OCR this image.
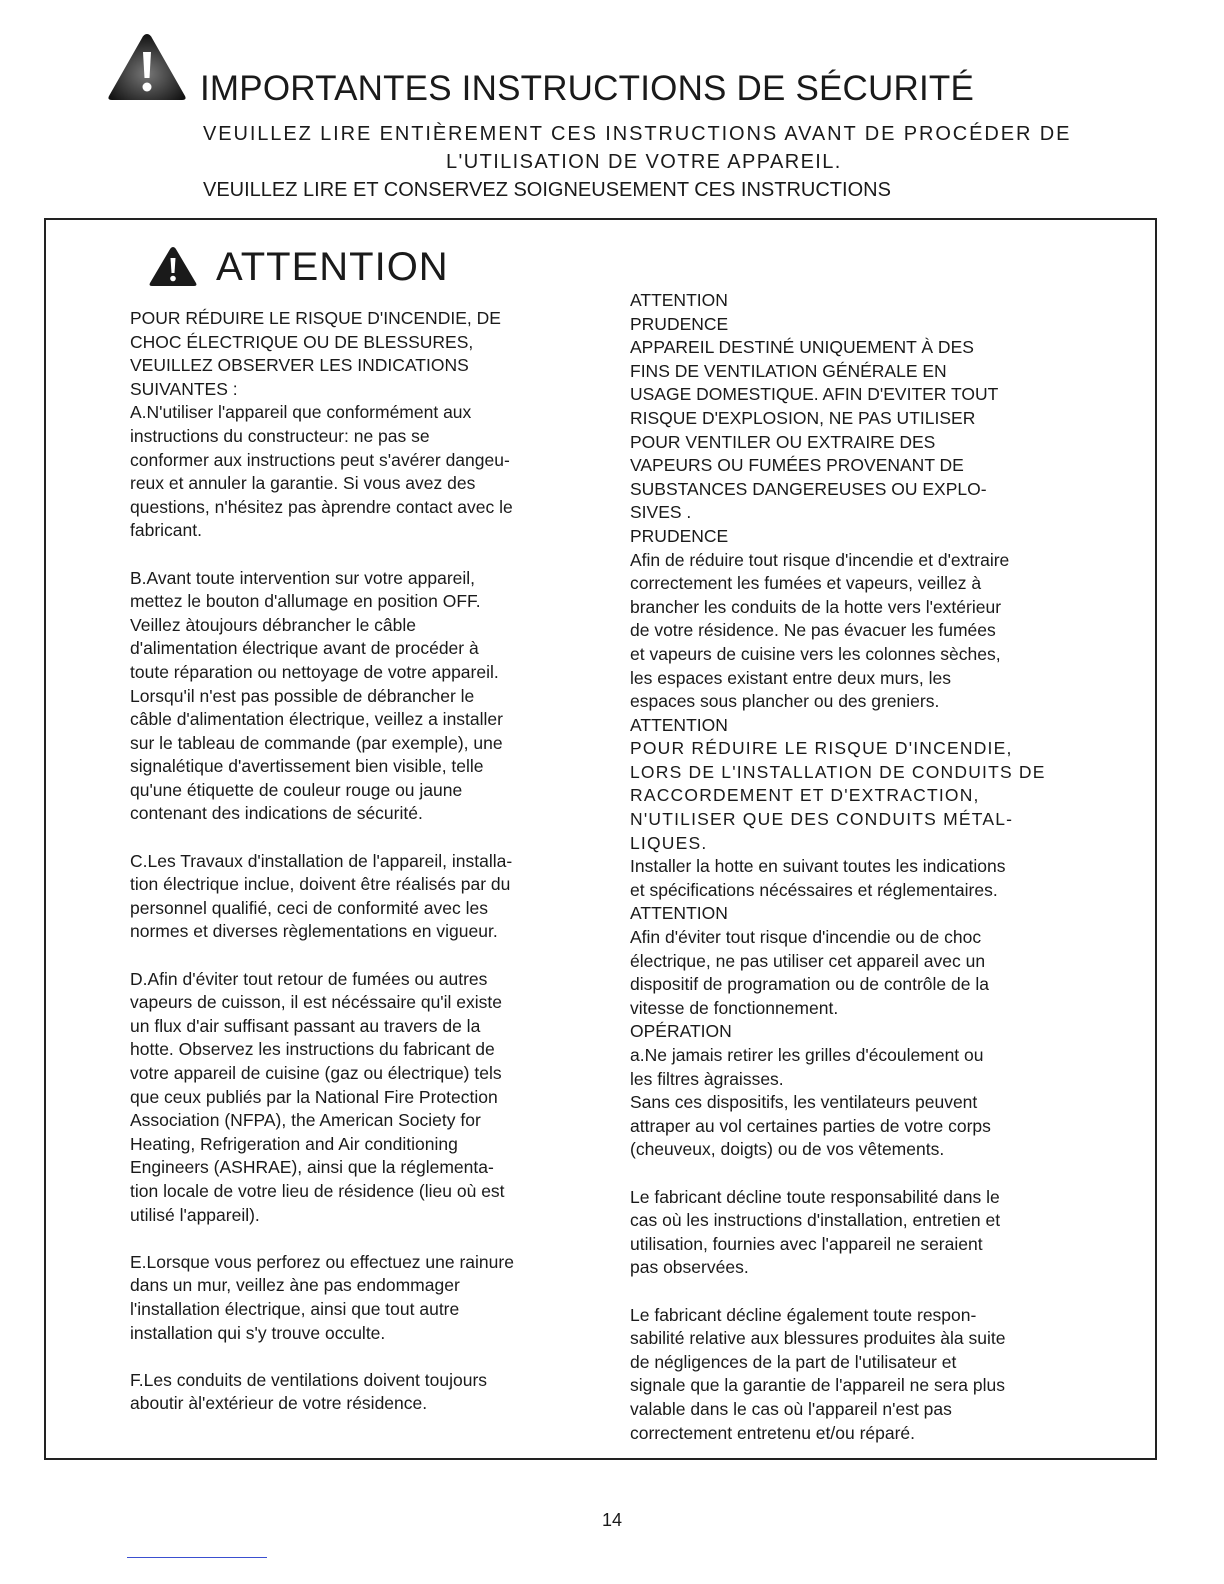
IMPORTANTES INSTRUCTIONS DE SÉCURITÉ
VEUILLEZ LIRE ENTIÈREMENT CES INSTRUCTIONS AVANT DE PROCÉDER DE
L'UTILISATION DE VOTRE APPAREIL.
VEUILLEZ LIRE ET CONSERVEZ SOIGNEUSEMENT CES INSTRUCTIONS
ATTENTION

POUR RÉDUIRE LE RISQUE D'INCENDIE, DE

CHOC ÉLECTRIQUE OU DE BLESSURES,

VEUILLEZ OBSERVER LES INDICATIONS

SUIVANTES :

A.N'utiliser l'appareil que conformément aux

instructions du constructeur: ne pas se

conformer aux instructions peut s'avérer dangeu-

reux et annuler la garantie. Si vous avez des

questions, n'hésitez pas àprendre contact avec le

fabricant.

B.Avant toute intervention sur votre appareil,

mettez le bouton d'allumage en position OFF.

Veillez àtoujours débrancher le câble

d'alimentation électrique avant de procéder à

toute réparation ou nettoyage de votre appareil.

Lorsqu'il n'est pas possible de débrancher le

câble d'alimentation électrique, veillez a installer

sur le tableau de commande (par exemple), une

signalétique d'avertissement bien visible, telle

qu'une étiquette de couleur rouge ou jaune

contenant des indications de sécurité.

C.Les Travaux d'installation de l'appareil, installa-

tion électrique inclue, doivent être réalisés par du

personnel qualifié, ceci de conformité avec les

normes et diverses règlementations en vigueur.

D.Afin d'éviter tout retour de fumées ou autres

vapeurs de cuisson, il est nécéssaire qu'il existe

un flux d'air suffisant passant au travers de la

hotte. Observez les instructions du fabricant de

votre appareil de cuisine (gaz ou électrique) tels

que ceux publiés par la National Fire Protection

Association (NFPA), the American Society for

Heating, Refrigeration and Air conditioning

Engineers (ASHRAE), ainsi que la réglementa-

tion locale de votre lieu de résidence (lieu où est

utilisé l'appareil).

E.Lorsque vous perforez ou effectuez une rainure

dans un mur, veillez àne pas endommager

l'installation électrique, ainsi que tout autre

installation qui s'y trouve occulte.

F.Les conduits de ventilations doivent toujours

aboutir àl'extérieur de votre résidence.

ATTENTION

PRUDENCE

APPAREIL DESTINÉ UNIQUEMENT À DES

FINS DE VENTILATION GÉNÉRALE EN

USAGE DOMESTIQUE. AFIN D'EVITER TOUT

RISQUE D'EXPLOSION, NE PAS UTILISER

POUR VENTILER OU EXTRAIRE DES

VAPEURS OU FUMÉES PROVENANT DE

SUBSTANCES DANGEREUSES OU EXPLO-

SIVES .

PRUDENCE

Afin de réduire tout risque d'incendie et d'extraire

correctement les fumées et vapeurs, veillez à

brancher les conduits de la hotte vers l'extérieur

de votre résidence. Ne pas évacuer les fumées

et vapeurs de cuisine vers les colonnes sèches,

les espaces existant entre deux murs, les

espaces sous plancher ou des greniers.

ATTENTION

POUR RÉDUIRE LE RISQUE D'INCENDIE,

LORS DE L'INSTALLATION DE CONDUITS DE

RACCORDEMENT ET D'EXTRACTION,

N'UTILISER QUE DES CONDUITS MÉTAL-

LIQUES.

Installer la hotte en suivant toutes les indications

et spécifications nécéssaires et réglementaires.

ATTENTION

Afin d'éviter tout risque d'incendie ou de choc

électrique, ne pas utiliser cet appareil avec un

dispositif de programation ou de contrôle de la

vitesse de fonctionnement.

OPÉRATION

a.Ne jamais retirer les grilles d'écoulement ou

les filtres àgraisses.

Sans ces dispositifs, les ventilateurs peuvent

attraper au vol certaines parties de votre corps

(cheuveux, doigts) ou de vos vêtements.

Le fabricant décline toute responsabilité dans le

cas où les instructions d'installation, entretien et

utilisation, fournies avec l'appareil ne seraient

pas observées.

Le fabricant décline également toute respon-

sabilité relative aux blessures produites àla suite

de négligences de la part de l'utilisateur et

signale que la garantie de l'appareil ne sera plus

valable dans le cas où l'appareil n'est pas

correctement entretenu et/ou réparé.

14
